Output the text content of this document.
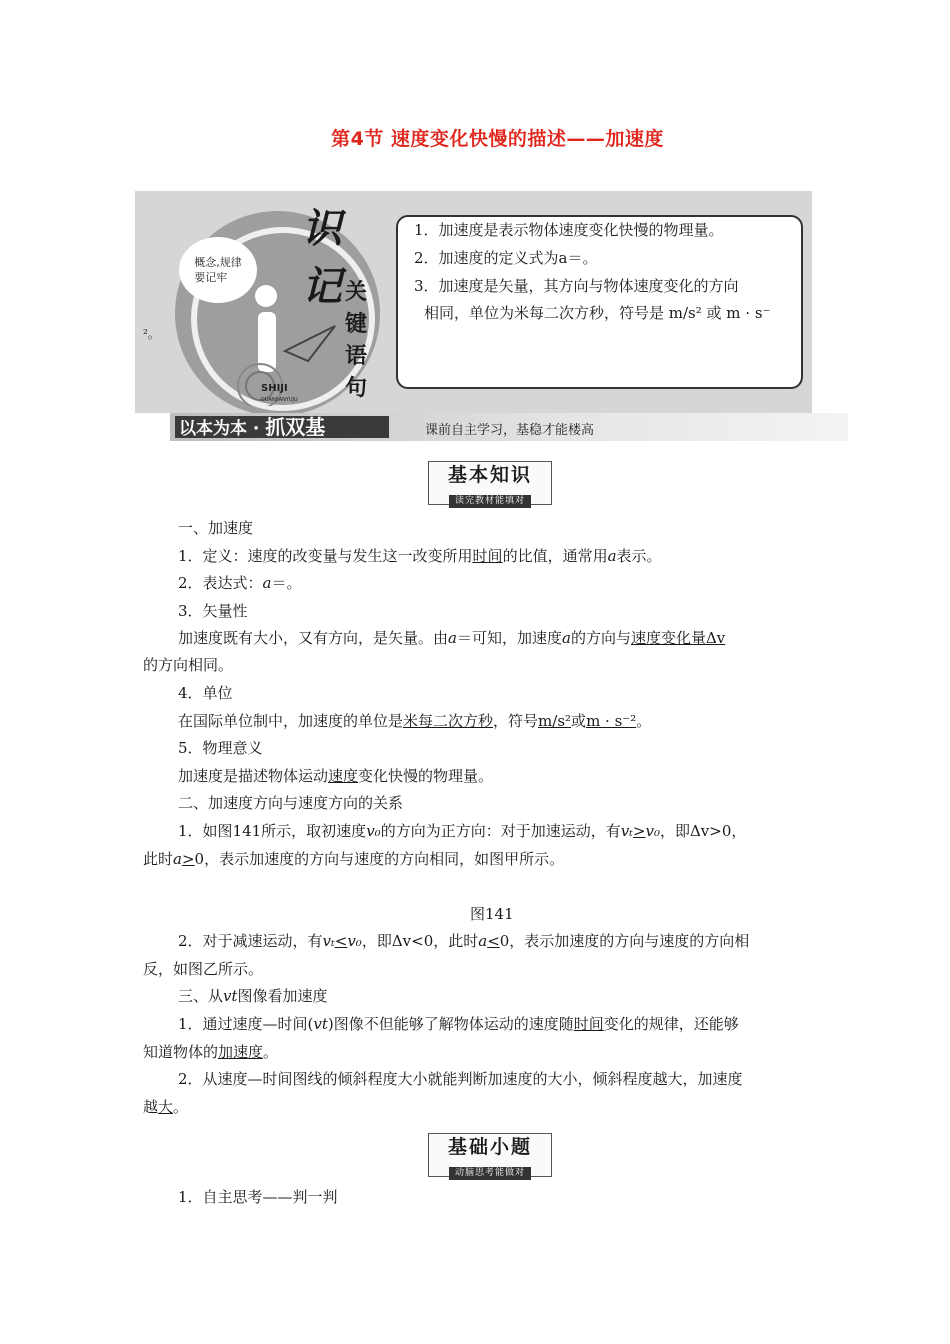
第4节 速度变化快慢的描述——加速度
概念,规律
要记牢
识
记 关
键
语
句
SHIJI
GUANJIANYUJU
1．加速度是表示物体速度变化快慢的物理量。
2．加速度的定义式为a＝。
3．加速度是矢量，其方向与物体速度变化的方向
相同，单位为米每二次方秒，符号是 m/s² 或 m · s⁻
²。
以本为本 · 抓双基	课前自主学习，基稳才能楼高
基本知识
读完教材能填对
一、加速度
1．定义：速度的改变量与发生这一改变所用时间的比值，通常用a表示。
2．表达式：a＝。
3．矢量性
加速度既有大小，又有方向，是矢量。由a＝可知，加速度a的方向与速度变化量Δv
的方向相同。
4．单位
在国际单位制中，加速度的单位是米每二次方秒，符号m/s²或m · s⁻²。
5．物理意义
加速度是描述物体运动速度变化快慢的物理量。
二、加速度方向与速度方向的关系
1．如图141所示，取初速度v₀的方向为正方向：对于加速运动，有vₜ>v₀，即Δv>0，
此时a>0，表示加速度的方向与速度的方向相同，如图甲所示。
图141
2．对于减速运动，有vₜ<v₀，即Δv<0，此时a<0，表示加速度的方向与速度的方向相
反，如图乙所示。
三、从vt图像看加速度
1．通过速度—时间(vt)图像不但能够了解物体运动的速度随时间变化的规律，还能够
知道物体的加速度。
2．从速度—时间图线的倾斜程度大小就能判断加速度的大小，倾斜程度越大，加速度
越大。
基础小题
动脑思考能做对
1．自主思考——判一判
